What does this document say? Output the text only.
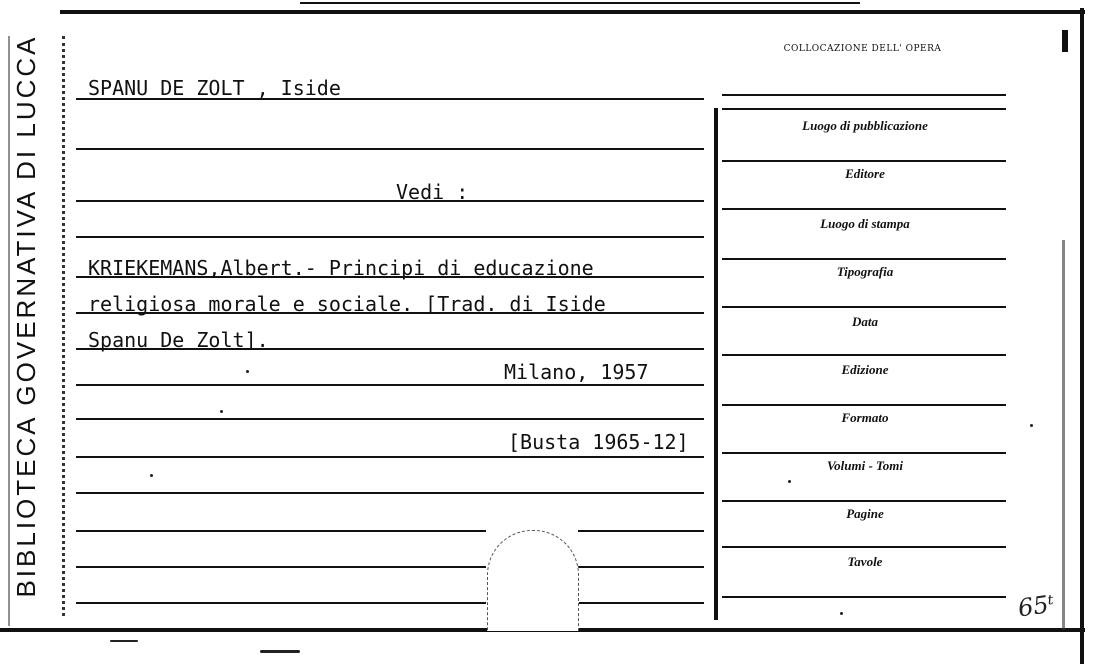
BIBLIOTECA GOVERNATIVA DI LUCCA	SPANU DE ZOLT , Iside
Vedi :
KRIEKEMANS,Albert.- Principi di educazione
religiosa morale e sociale. [Trad. di Iside
Spanu De Zolt].
Milano, 1957
[Busta 1965-12]
COLLOCAZIONE DELL' OPERA
Luogo di pubblicazione
Editore
Luogo di stampa
Tipografia
Data
Edizione
Formato
Volumi - Tomi
Pagine
Tavole
65ᵗ
